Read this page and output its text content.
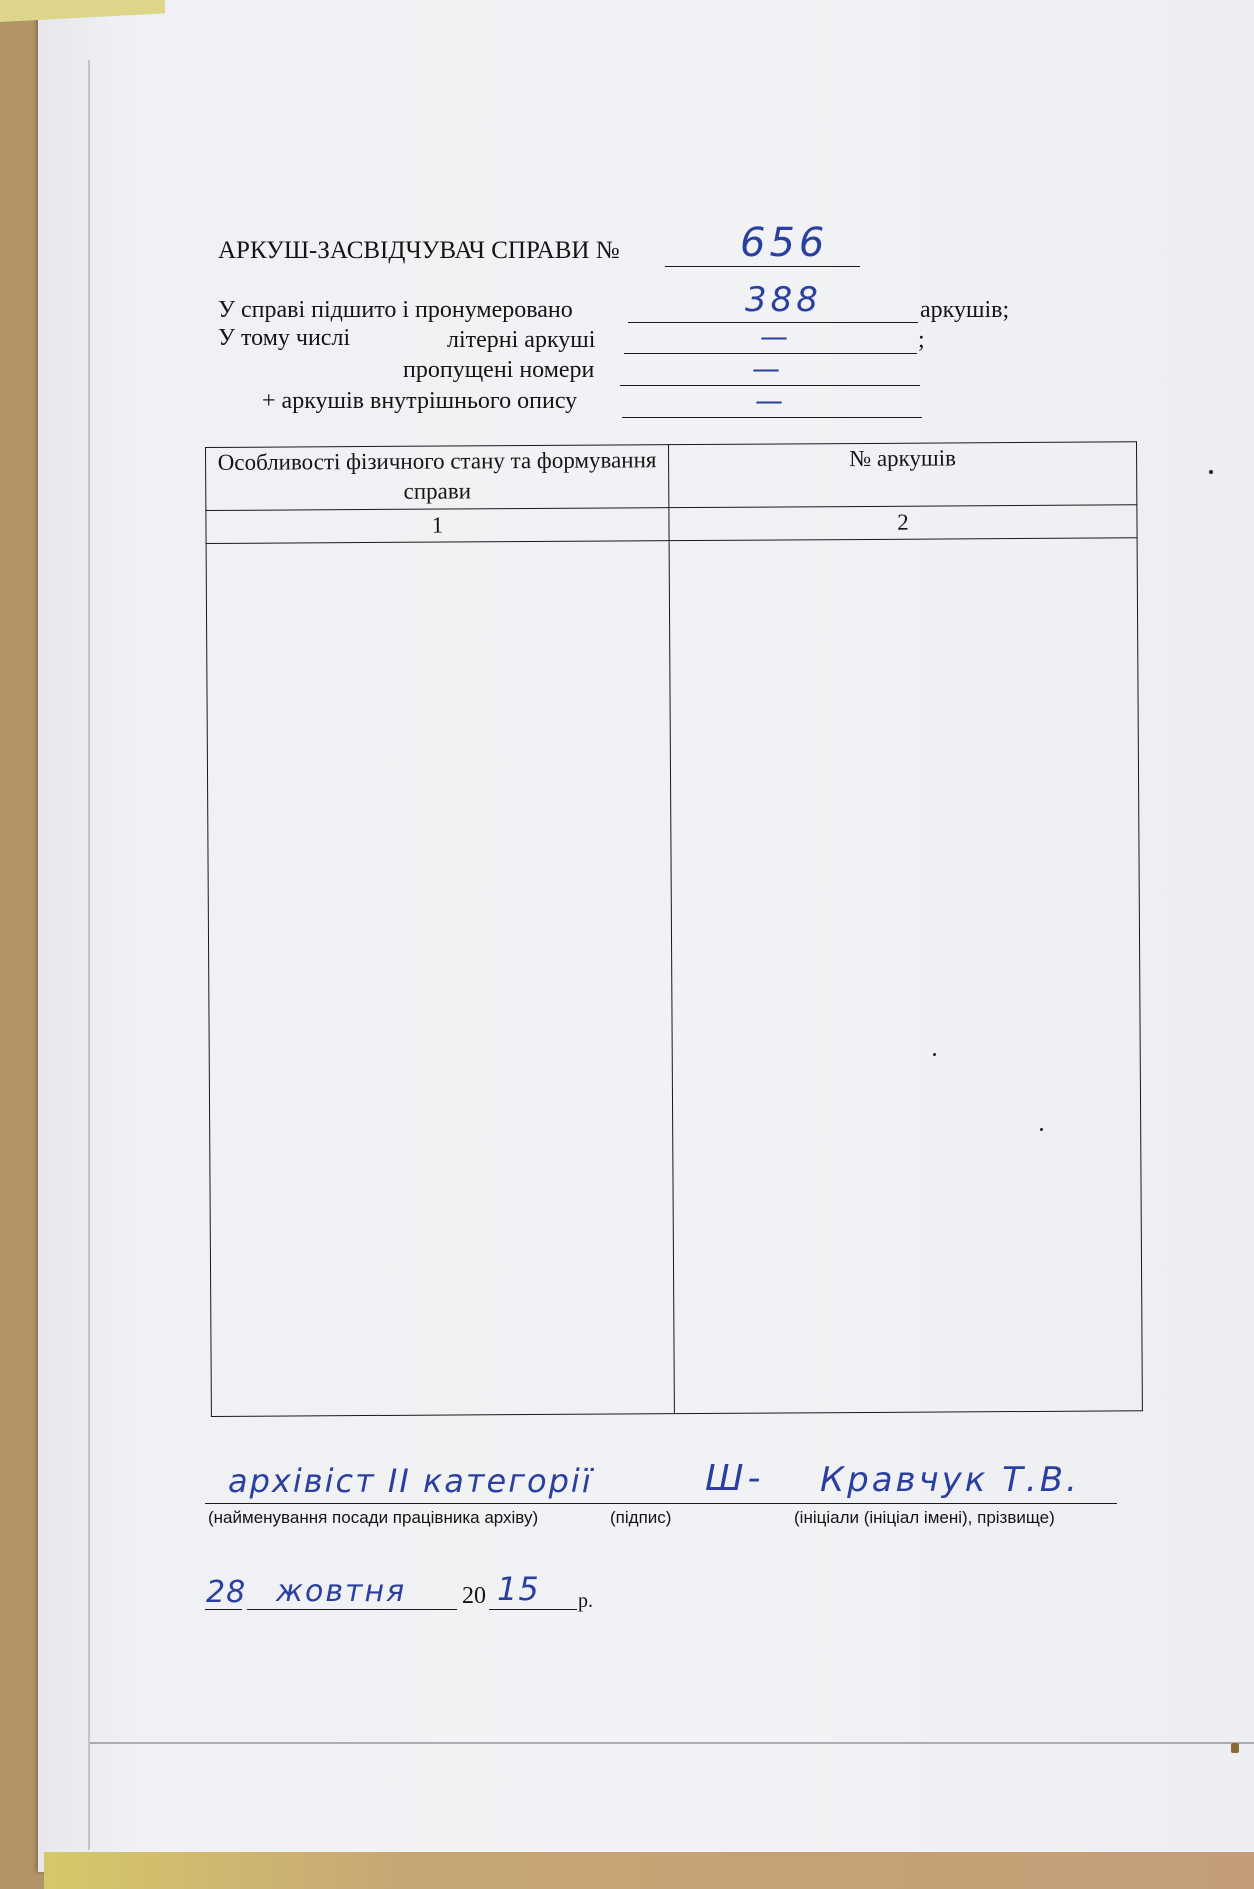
АРКУШ-ЗАСВІДЧУВАЧ СПРАВИ №	656
У справі підшито і пронумеровано	388	аркушів;
У тому числі	літерні аркуші	—	;
пропущені номери	—
+ аркушів внутрішнього опису	—
Особливості фізичного стану та формування справи	№ аркушів
1	2

архівіст ІІ категорії	Ш- Кравчук Т.В.
(найменування посади працівника архіву)	(підпис)	(ініціали (ініціал імені), прізвище)
28 жовтня 20 15 р.
